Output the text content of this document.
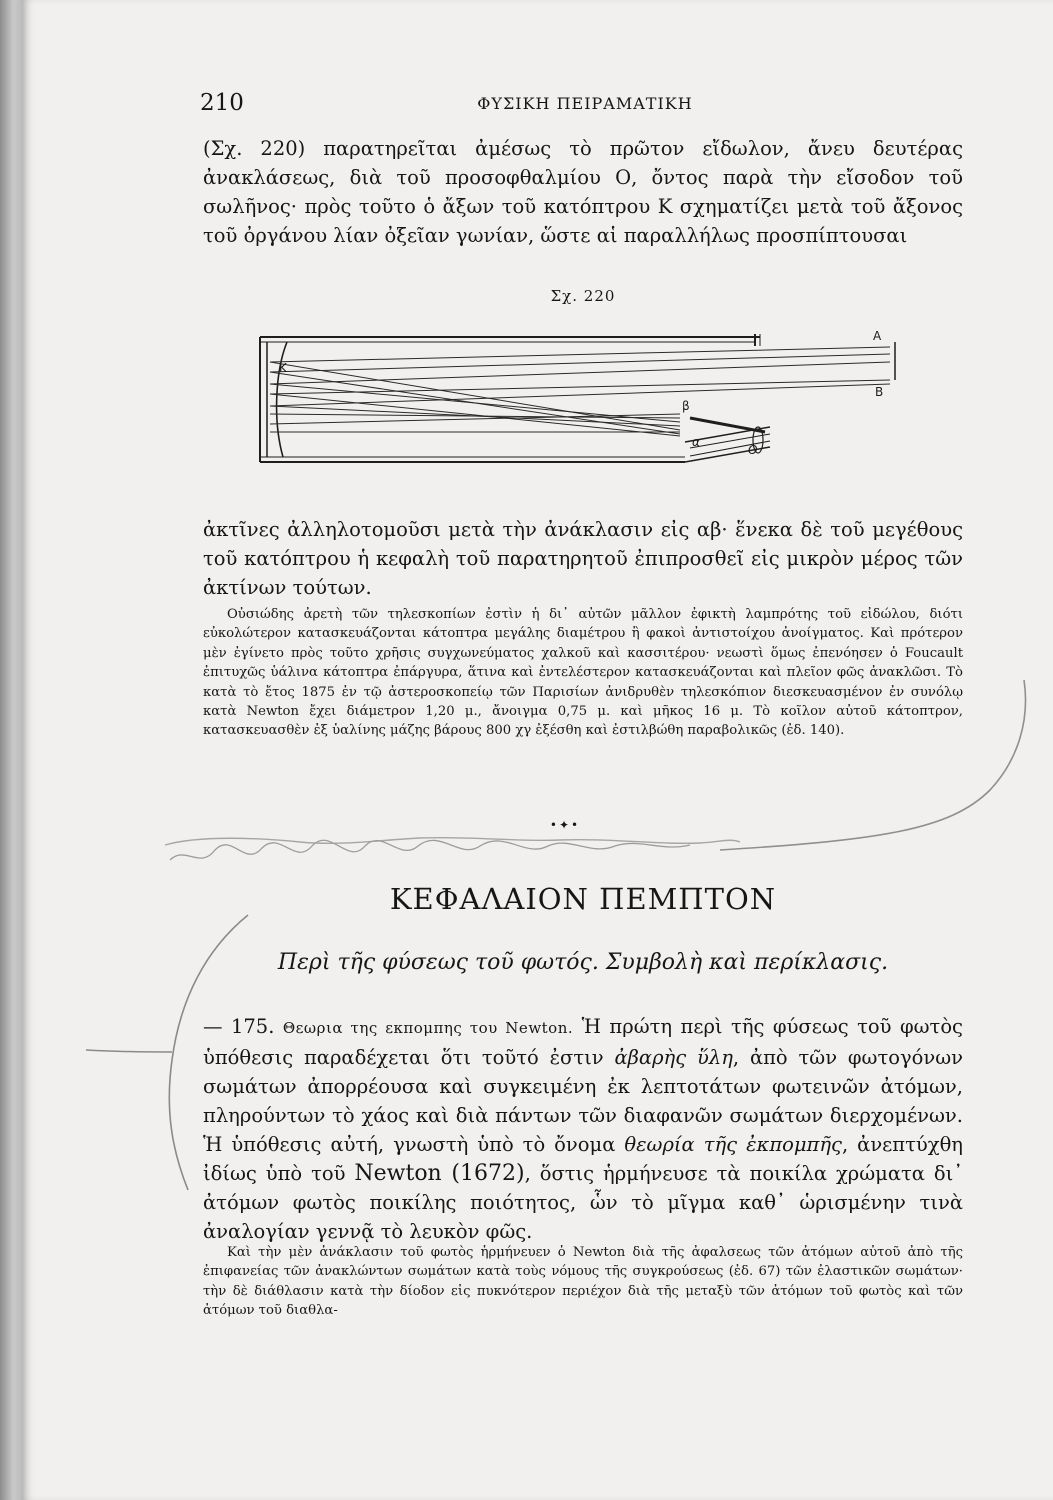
210	ΦΥΣΙΚΗ ΠΕΙΡΑΜΑΤΙΚΗ
(Σχ. 220) παρατηρεῖται ἀμέσως τὸ πρῶτον εἴδωλον, ἄνευ δευτέρας ἀνακλάσεως, διὰ τοῦ προσοφθαλμίου Ο, ὄντος παρὰ τὴν εἴσοδον τοῦ σωλῆνος· πρὸς τοῦτο ὁ ἄξων τοῦ κατόπτρου Κ σχηματίζει μετὰ τοῦ ἄξονος τοῦ ὀργάνου λίαν ὀξεῖαν γωνίαν, ὥστε αἱ παραλλήλως προσπίπτουσαι
Σχ. 220
Κ
Α
Β
β
α
O
ἀκτῖνες ἀλληλοτομοῦσι μετὰ τὴν ἀνάκλασιν εἰς αβ· ἕνεκα δὲ τοῦ μεγέθους τοῦ κατόπτρου ἡ κεφαλὴ τοῦ παρατηρητοῦ ἐπιπροσθεῖ εἰς μικρὸν μέρος τῶν ἀκτίνων τούτων.
Οὐσιώδης ἀρετὴ τῶν τηλεσκοπίων ἐστὶν ἡ δι᾽ αὐτῶν μᾶλλον ἐφικτὴ λαμπρότης τοῦ εἰδώλου, διότι εὐκολώτερον κατασκευάζονται κάτοπτρα μεγάλης διαμέτρου ἢ φακοὶ ἀντιστοίχου ἀνοίγματος. Καὶ πρότερον μὲν ἐγίνετο πρὸς τοῦτο χρῆσις συγχωνεύματος χαλκοῦ καὶ κασσιτέρου· νεωστὶ ὅμως ἐπενόησεν ὁ Foucault ἐπιτυχῶς ὑάλινα κάτοπτρα ἐπάργυρα, ἅτινα καὶ ἐντελέστερον κατασκευάζονται καὶ πλεῖον φῶς ἀνακλῶσι. Τὸ κατὰ τὸ ἔτος 1875 ἐν τῷ ἀστεροσκοπείῳ τῶν Παρισίων ἀνιδρυθὲν τηλεσκόπιον διεσκευασμένον ἐν συνόλῳ κατὰ Newton ἔχει διάμετρον 1,20 μ., ἄνοιγμα 0,75 μ. καὶ μῆκος 16 μ. Τὸ κοῖλον αὐτοῦ κάτοπτρον, κατασκευασθὲν ἐξ ὑαλίνης μάζης βάρους 800 χγ ἐξέσθη καὶ ἐστιλβώθη παραβολικῶς (ἐδ. 140).
•✦•
ΚΕΦΑΛΑΙΟΝ ΠΕΜΠΤΟΝ
Περὶ τῆς φύσεως τοῦ φωτός. Συμβολὴ καὶ περίκλασις.
— 175. Θεωρια της εκπομπης του Newton. Ἡ πρώτη περὶ τῆς φύσεως τοῦ φωτὸς ὑπόθεσις παραδέχεται ὅτι τοῦτό ἐστιν ἀβαρὴς ὕλη, ἀπὸ τῶν φωτογόνων σωμάτων ἀπορρέουσα καὶ συγκειμένη ἐκ λεπτοτάτων φωτεινῶν ἀτόμων, πληρούντων τὸ χάος καὶ διὰ πάντων τῶν διαφανῶν σωμάτων διερχομένων. Ἡ ὑπόθεσις αὐτή, γνωστὴ ὑπὸ τὸ ὄνομα θεωρία τῆς ἐκπομπῆς, ἀνεπτύχθη ἰδίως ὑπὸ τοῦ Newton (1672), ὅστις ἡρμήνευσε τὰ ποικίλα χρώματα δι᾽ ἀτόμων φωτὸς ποικίλης ποιότητος, ὧν τὸ μῖγμα καθ᾽ ὡρισμένην τινὰ ἀναλογίαν γεννᾷ τὸ λευκὸν φῶς.
Καὶ τὴν μὲν ἀνάκλασιν τοῦ φωτὸς ἡρμήνευεν ὁ Newton διὰ τῆς ἀφαλσεως τῶν ἀτόμων αὐτοῦ ἀπὸ τῆς ἐπιφανείας τῶν ἀνακλώντων σωμάτων κατὰ τοὺς νόμους τῆς συγκρούσεως (ἐδ. 67) τῶν ἐλαστικῶν σωμάτων· τὴν δὲ διάθλασιν κατὰ τὴν δίοδον εἰς πυκνότερον περιέχον διὰ τῆς μεταξὺ τῶν ἀτόμων τοῦ φωτὸς καὶ τῶν ἀτόμων τοῦ διαθλα-
